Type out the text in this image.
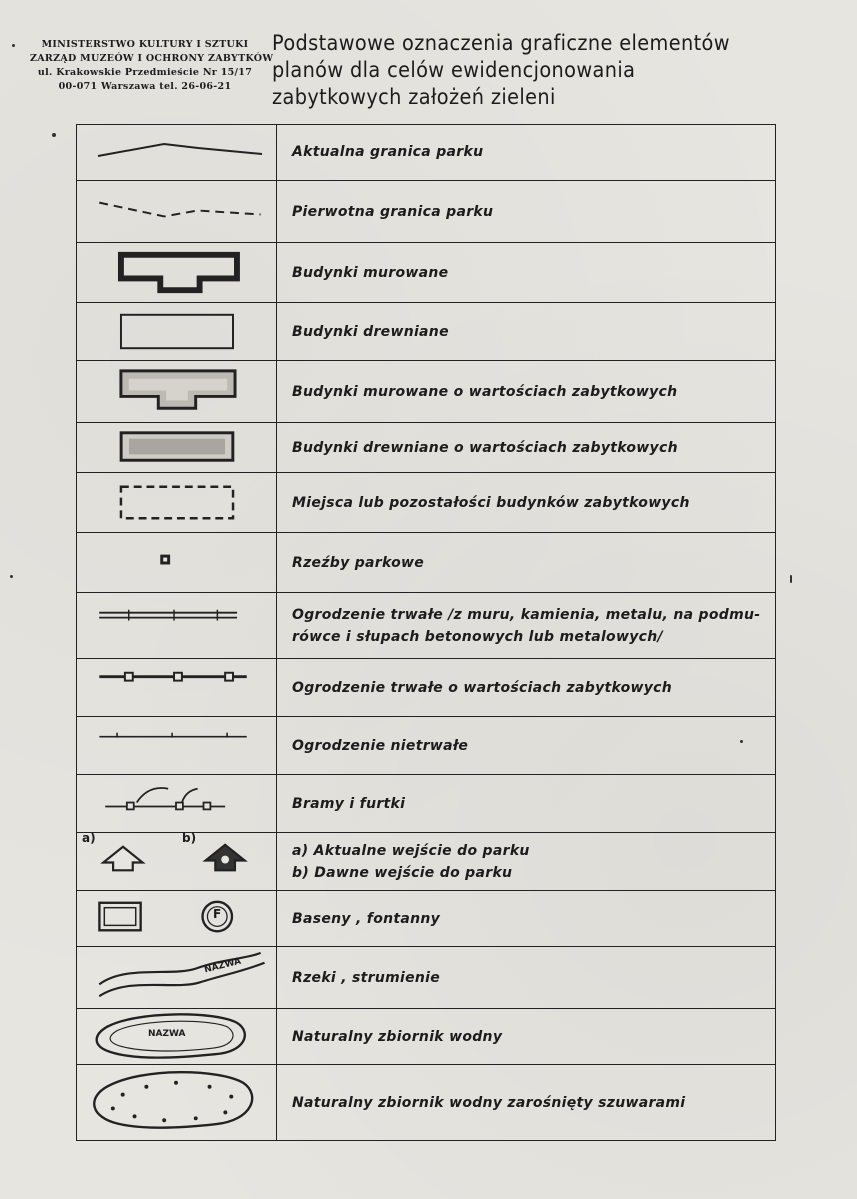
MINISTERSTWO KULTURY I SZTUKI
ZARZĄD MUZEÓW I OCHRONY ZABYTKÓW
ul. Krakowskie Przedmieście Nr 15/17
00-071 Warszawa tel. 26-06-21
Podstawowe oznaczenia graficzne elementów
planów dla celów ewidencjonowania
zabytkowych założeń zieleni
Aktualna granica parku
Pierwotna granica parku
Budynki murowane
Budynki drewniane
Budynki murowane o wartościach zabytkowych
Budynki drewniane o wartościach zabytkowych
Miejsca lub pozostałości budynków zabytkowych
Rzeźby parkowe
Ogrodzenie trwałe /z muru, kamienia, metalu, na podmu-
rówce i słupach betonowych lub metalowych/
Ogrodzenie trwałe o wartościach zabytkowych
Ogrodzenie nietrwałe
Bramy i furtki
a)	b)
a) Aktualne wejście do parku
b) Dawne wejście do parku
F	Baseny , fontanny
NAZWA
Rzeki , strumienie
NAZWA	Naturalny zbiornik wodny
Naturalny zbiornik wodny zarośnięty szuwarami
